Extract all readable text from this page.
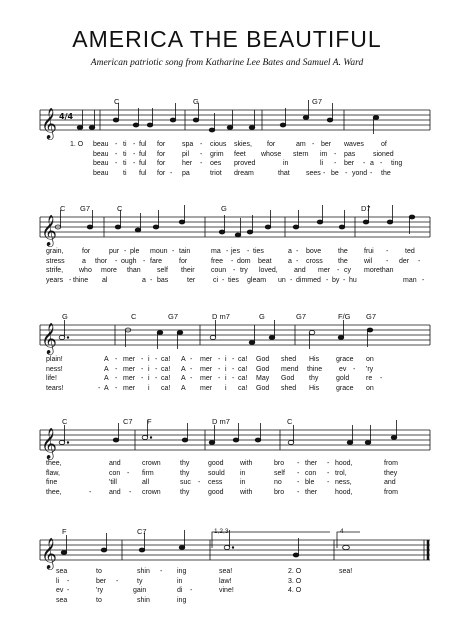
AMERICA THE BEAUTIFUL
American patriotic song from Katharine Lee Bates and Samuel A. Ward
𝄞
𝄞
𝄞
𝄞
𝄞
4/4
C	G	G7
1. O beau - ti - ful for spa - cious skies, for	am - ber waves of
beau - ti - ful for pil - grim feet whose stern im - pas	sioned
beau - ti - ful for her - oes proved	in	li - ber - a - ting
beau ti ful for - pa	triot dream	that sees - be - yond - the
C G7	C	G	D7
grain,	for	pur - ple moun - tain	ma - jes - ties	a - bove the frui - ted
stress a thor - ough - fare for	free - dom beat a - cross the wil - der -
strife, who more than self their coun - try loved, and mer - cy morethan
years - thine al	a - bas	ter	ci - ties gleam un - dimmed - by - hu	man -
G	C	G7	D m7	G	G7	F/G G7
plain!	A - mer - i - ca! A - mer - i - ca! God shed His grace on
ness!	A - mer - i - ca! A - mer - i - ca! God mend thine ev - 'ry
life!	A - mer - i - ca! A - mer - i - ca! May God thy	gold re -
tears!	- A - mer i ca! A mer i ca! God shed His grace on
C	C7 F	D m7	C
thee,	and	crown	thy	good with	bro - ther - hood,	from
flaw,	con - firm	thy	sould in	self - con - trol,	they
fine	'till	all	suc - cess	in	no - ble - ness,	and
thee,	-	and - crown	thy	good with	bro - ther	hood,	from
F	C7
sea	to	shin - ing	sea!	2. O	sea!
li -	ber -	ty	in	law!	3. O
ev -	'ry	gain	di -	vine!	4. O
sea	to	shin	ing
1,2,3	4
